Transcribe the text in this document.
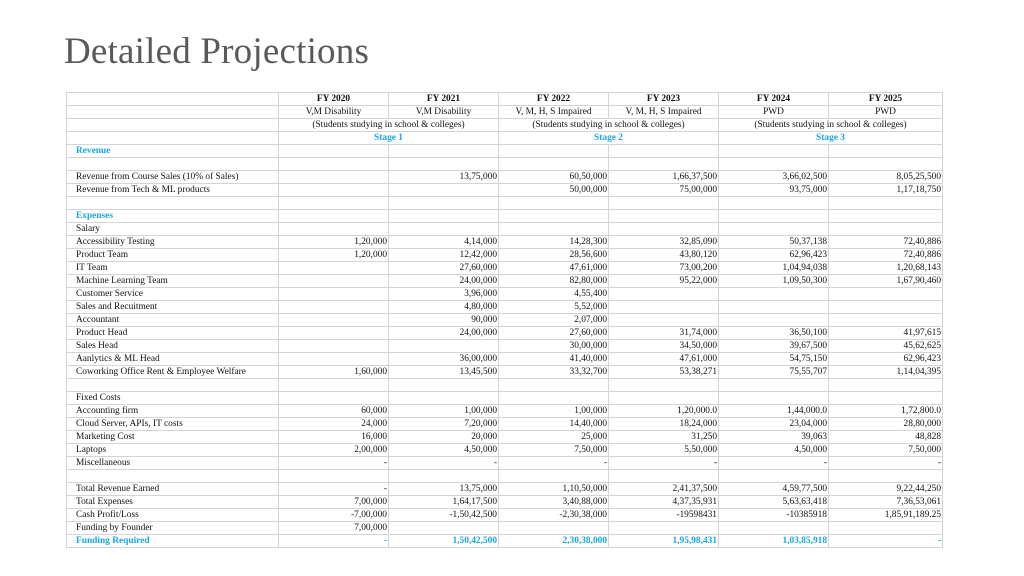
Detailed Projections
	FY 2020	FY 2021	FY 2022	FY 2023	FY 2024	FY 2025
	V,M Disability	V,M Disability	V, M, H, S Impaired	V, M, H, S Impaired	PWD	PWD
	(Students studying in school & colleges)		(Students studying in school & colleges)		(Students studying in school & colleges)	
	Stage 1		Stage 2		Stage 3	
Revenue						

Revenue from Course Sales (10% of Sales)		13,75,000	60,50,000	1,66,37,500	3,66,02,500	8,05,25,500
Revenue from Tech & ML products			50,00,000	75,00,000	93,75,000	1,17,18,750

Expenses						
Salary						
Accessibility Testing	1,20,000	4,14,000	14,28,300	32,85,090	50,37,138	72,40,886
Product Team	1,20,000	12,42,000	28,56,600	43,80,120	62,96,423	72,40,886
IT Team		27,60,000	47,61,000	73,00,200	1,04,94,038	1,20,68,143
Machine Learning Team		24,00,000	82,80,000	95,22,000	1,09,50,300	1,67,90,460
Customer Service		3,96,000	4,55,400			
Sales and Recuitment		4,80,000	5,52,000			
Accountant		90,000	2,07,000			
Product Head		24,00,000	27,60,000	31,74,000	36,50,100	41,97,615
Sales Head			30,00,000	34,50,000	39,67,500	45,62,625
Aanlytics & ML Head		36,00,000	41,40,000	47,61,000	54,75,150	62,96,423
Coworking Office Rent & Employee Welfare	1,60,000	13,45,500	33,32,700	53,38,271	75,55,707	1,14,04,395

Fixed Costs						
Accounting firm	60,000	1,00,000	1,00,000	1,20,000.0	1,44,000.0	1,72,800.0
Cloud Server, APIs, IT costs	24,000	7,20,000	14,40,000	18,24,000	23,04,000	28,80,000
Marketing Cost	16,000	20,000	25,000	31,250	39,063	48,828
Laptops	2,00,000	4,50,000	7,50,000	5,50,000	4,50,000	7,50,000
Miscellaneous	-	-	-	-	-	-

Total Revenue Earned	-	13,75,000	1,10,50,000	2,41,37,500	4,59,77,500	9,22,44,250
Total Expenses	7,00,000	1,64,17,500	3,40,88,000	4,37,35,931	5,63,63,418	7,36,53,061
Cash Profit/Loss	-7,00,000	-1,50,42,500	-2,30,38,000	-19598431	-10385918	1,85,91,189.25
Funding by Founder	7,00,000					
Funding Required	-	1,50,42,500	2,30,38,000	1,95,98,431	1,03,85,918	-
